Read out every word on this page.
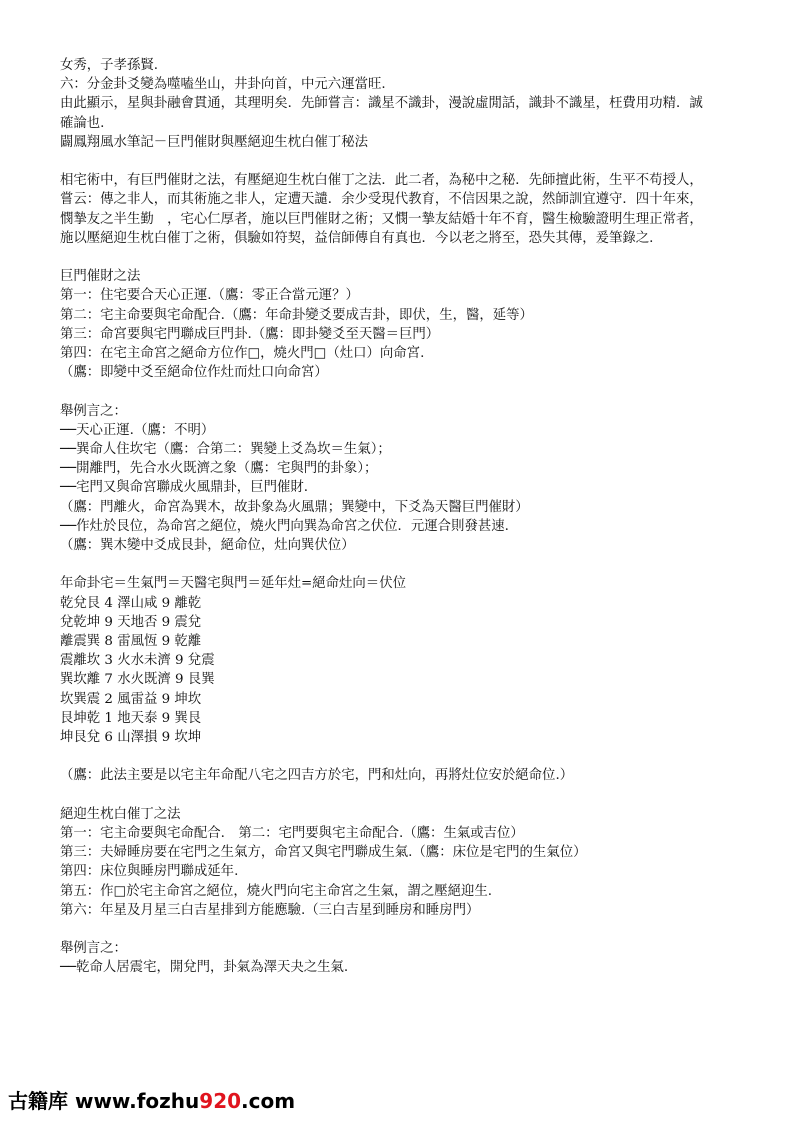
女秀，子孝孫賢.
六：分金卦爻變為噬嗑坐山，井卦向首，中元六運當旺.
由此顯示，星與卦融會貫通，其理明矣．先師嘗言：識星不識卦，漫說虛閒話，識卦不識星，枉費用功精．誠
確論也.
闢鳳翔風水筆記－巨門催財與壓絕迎生枕白催丁秘法
相宅術中，有巨門催財之法，有壓絕迎生枕白催丁之法．此二者，為秘中之秘．先師擅此術，生平不苟授人，
嘗云：傳之非人，而其術施之非人，定遭天譴．余少受現代教育，不信因果之說，然師訓宜遵守．四十年來，
憫摯友之半生勤　，宅心仁厚者，施以巨門催財之術；又憫一摯友結婚十年不育，醫生檢驗證明生理正常者，
施以壓絕迎生枕白催丁之術，俱驗如符契，益信師傳自有真也．今以老之將至，恐失其傳，爰筆錄之.
巨門催財之法
第一：住宅要合天心正運.（鷹：零正合當元運？）
第二：宅主命要與宅命配合.（鷹：年命卦變爻要成吉卦，即伏，生，醫，延等）
第三：命宮要與宅門聯成巨門卦.（鷹：即卦變爻至天醫＝巨門）
第四：在宅主命宮之絕命方位作□，燒火門□（灶口）向命宮.
（鷹：即變中爻至絕命位作灶而灶口向命宮）
舉例言之：
──天心正運.（鷹：不明）
──巽命人住坎宅（鷹：合第二：巽變上爻為坎＝生氣）；
──開離門，先合水火既濟之象（鷹：宅與門的卦象）；
──宅門又與命宮聯成火風鼎卦，巨門催財.
（鷹：門離火，命宮為巽木，故卦象為火風鼎；巽變中，下爻為天醫巨門催財）
──作灶於艮位，為命宮之絕位，燒火門向巽為命宮之伏位．元運合則發甚速.
（鷹：巽木變中爻成艮卦，絕命位，灶向巽伏位）
年命卦宅＝生氣門＝天醫宅與門＝延年灶=絕命灶向＝伏位
乾兌艮 4 澤山咸 9 離乾
兌乾坤 9 天地否 9 震兌
離震巽 8 雷風恆 9 乾離
震離坎 3 火水未濟 9 兌震
巽坎離 7 水火既濟 9 艮巽
坎巽震 2 風雷益 9 坤坎
艮坤乾 1 地天泰 9 巽艮
坤艮兌 6 山澤損 9 坎坤
（鷹：此法主要是以宅主年命配八宅之四吉方於宅，門和灶向，再將灶位安於絕命位.）
絕迎生枕白催丁之法
第一：宅主命要與宅命配合.　第二：宅門要與宅主命配合.（鷹：生氣或吉位）
第三：夫婦睡房要在宅門之生氣方，命宮又與宅門聯成生氣.（鷹：床位是宅門的生氣位）
第四：床位與睡房門聯成延年.
第五：作□於宅主命宮之絕位，燒火門向宅主命宮之生氣，謂之壓絕迎生.
第六：年星及月星三白吉星排到方能應驗.（三白吉星到睡房和睡房門）
舉例言之：
──乾命人居震宅，開兌門，卦氣為澤天夬之生氣.
古籍库 www.fozhu920.com
